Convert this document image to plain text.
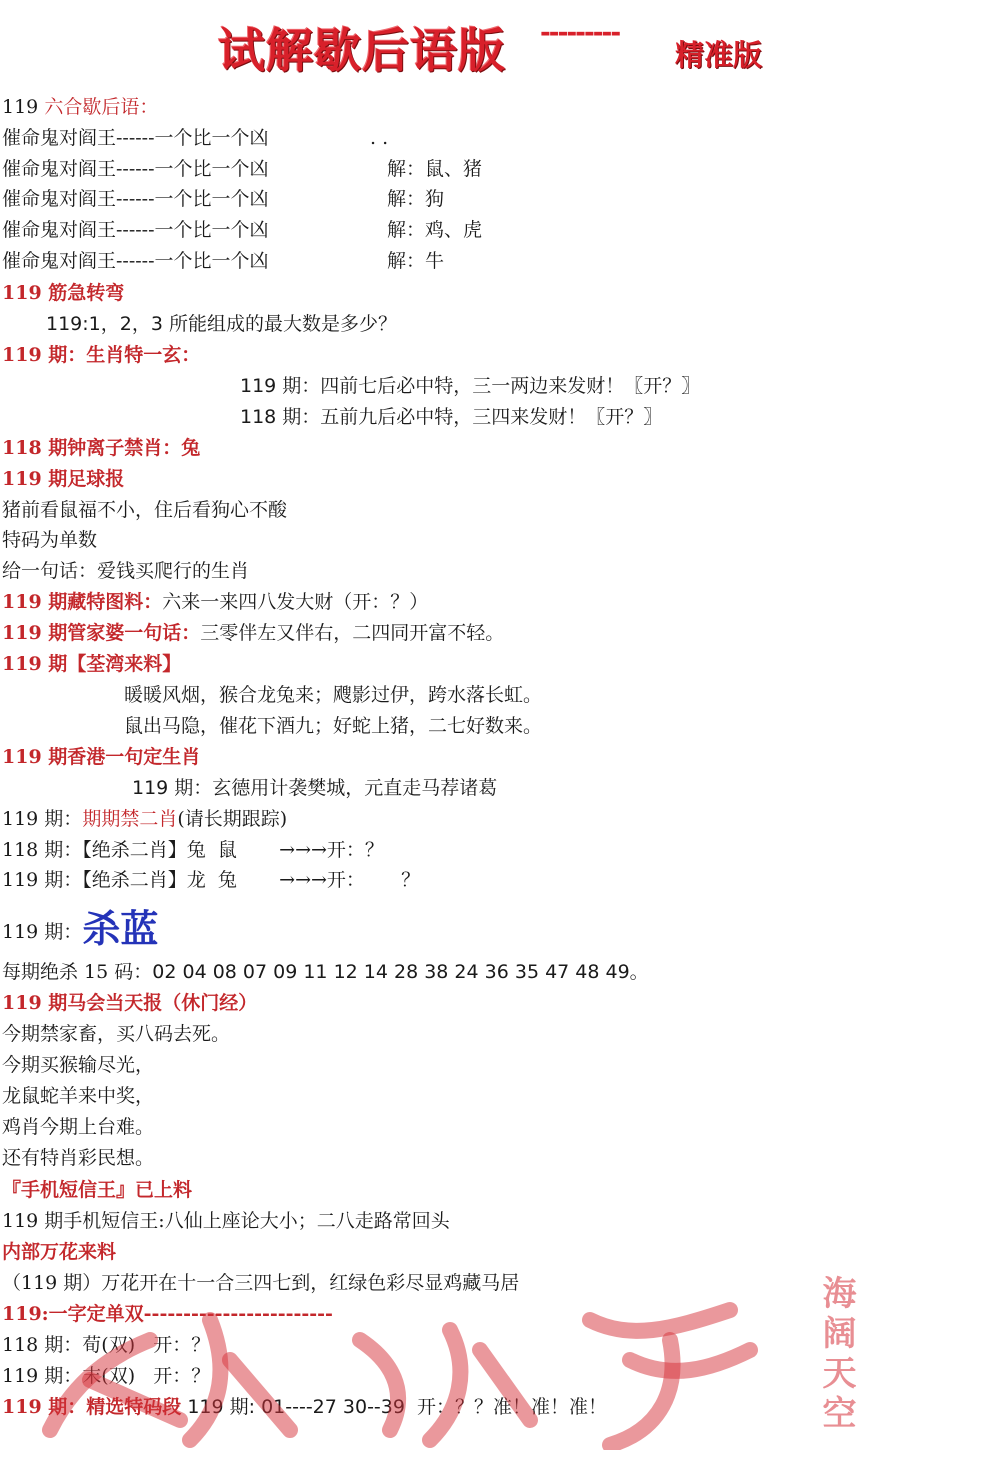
试解歇后语版 ---------
精准版
119 六合歇后语：
催命鬼对阎王------一个比一个凶	. .
催命鬼对阎王------一个比一个凶	解：鼠、猪
催命鬼对阎王------一个比一个凶	解：狗
催命鬼对阎王------一个比一个凶	解：鸡、虎
催命鬼对阎王------一个比一个凶	解：牛
119 筋急转弯
119:1，2，3 所能组成的最大数是多少？
119 期：生肖特一玄：
119 期：四前七后必中特，三一两边来发财！〖开？〗
118 期：五前九后必中特，三四来发财！〖开？〗
118 期钟离子禁肖：兔
119 期足球报
猪前看鼠福不小，住后看狗心不酸
特码为单数
给一句话：爱钱买爬行的生肖
119 期藏特图料：六来一来四八发大财（开：？）
119 期管家婆一句话：三零伴左又伴右，二四同开富不轻。
119 期【荃湾来料】
暖暖风烟，猴合龙兔来；飕影过伊，跨水落长虹。
鼠出马隐，催花下酒九；好蛇上猪，二七好数来。
119 期香港一句定生肖
119 期：玄德用计袭樊城，元直走马荐诸葛
119 期：期期禁二肖(请长期跟踪)
118 期：【绝杀二肖】兔  鼠       →→→开：？
119 期：【绝杀二肖】龙  兔       →→→开：      ？
119 期：杀蓝
每期绝杀 15 码：02 04 08 07 09 11 12 14 28 38 24 36 35 47 48 49。
119 期马会当天报（休门经）
今期禁家畜，买八码去死。
今期买猴输尽光，
龙鼠蛇羊来中奖，
鸡肖今期上台难。
还有特肖彩民想。
『手机短信王』已上料
119 期手机短信王:八仙上座论大小；二八走路常回头
内部万花来料
（119 期）万花开在十一合三四七到，红绿色彩尽显鸡藏马居
119:一字定单双------------------------
118 期：荀(双)   开：？
119 期：末(双)   开：？
119 期：精选特码段 119 期: 01----27 30--39  开：？？准！准！准！	海阔天空
